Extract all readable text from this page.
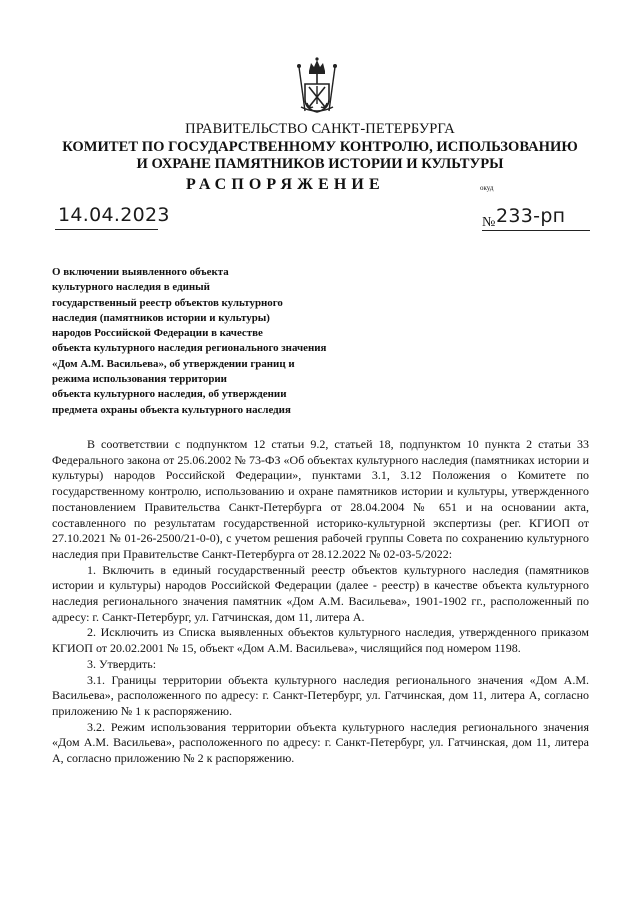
ПРАВИТЕЛЬСТВО САНКТ-ПЕТЕРБУРГА
КОМИТЕТ ПО ГОСУДАРСТВЕННОМУ КОНТРОЛЮ, ИСПОЛЬЗОВАНИЮ
И ОХРАНЕ ПАМЯТНИКОВ ИСТОРИИ И КУЛЬТУРЫ
РАСПОРЯЖЕНИЕ	окуд
14.04.2023	№ 233-рп
О включении выявленного объекта
культурного наследия в единый
государственный реестр объектов культурного
наследия (памятников истории и культуры)
народов Российской Федерации в качестве
объекта культурного наследия регионального значения
«Дом А.М. Васильева», об утверждении границ и
режима использования территории
объекта культурного наследия, об утверждении
предмета охраны объекта культурного наследия

В соответствии с подпунктом 12 статьи 9.2, статьей 18, подпунктом 10 пункта 2 статьи 33 Федерального закона от 25.06.2002 № 73-ФЗ «Об объектах культурного наследия (памятниках истории и культуры) народов Российской Федерации», пунктами 3.1, 3.12 Положения о Комитете по государственному контролю, использованию и охране памятников истории и культуры, утвержденного постановлением Правительства Санкт-Петербурга от 28.04.2004 № 651 и на основании акта, составленного по результатам государственной историко-культурной экспертизы (рег. КГИОП от 27.10.2021 № 01-26-2500/21-0-0), с учетом решения рабочей группы Совета по сохранению культурного наследия при Правительстве Санкт-Петербурга от 28.12.2022 № 02-03-5/2022:

1. Включить в единый государственный реестр объектов культурного наследия (памятников истории и культуры) народов Российской Федерации (далее - реестр) в качестве объекта культурного наследия регионального значения памятник «Дом А.М. Васильева», 1901-1902 гг., расположенный по адресу: г. Санкт-Петербург, ул. Гатчинская, дом 11, литера А.

2. Исключить из Списка выявленных объектов культурного наследия, утвержденного приказом КГИОП от 20.02.2001 № 15, объект «Дом А.М. Васильева», числящийся под номером 1198.

3. Утвердить:

3.1. Границы территории объекта культурного наследия регионального значения «Дом А.М. Васильева», расположенного по адресу: г. Санкт-Петербург, ул. Гатчинская, дом 11, литера А, согласно приложению № 1 к распоряжению.

3.2. Режим использования территории объекта культурного наследия регионального значения «Дом А.М. Васильева», расположенного по адресу: г. Санкт-Петербург, ул. Гатчинская, дом 11, литера А, согласно приложению № 2 к распоряжению.
